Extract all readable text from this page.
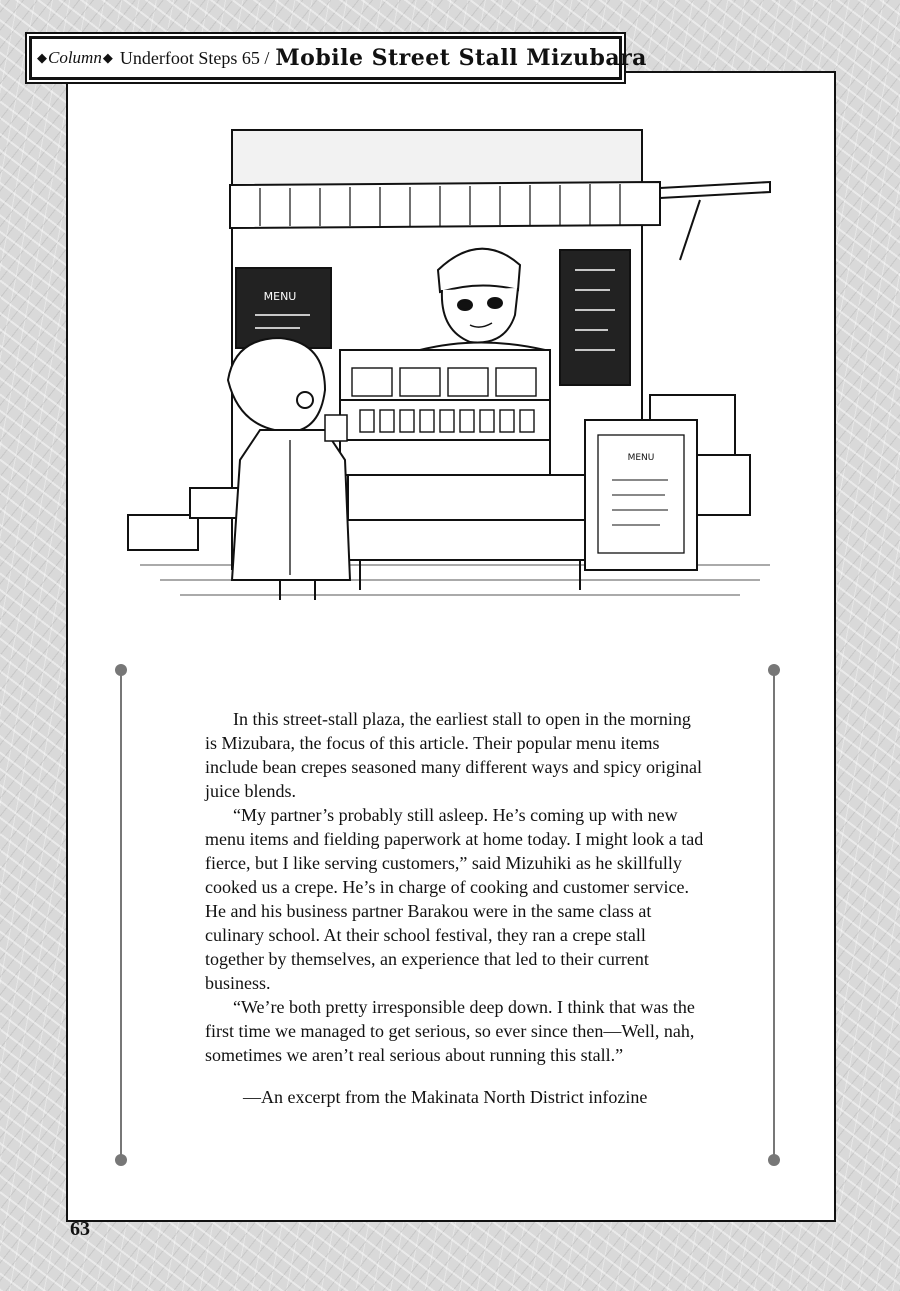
◆ Column ◆ Underfoot Steps 65 / Mobile Street Stall Mizubara
MENU
MENU

In this street-stall plaza, the earliest stall to open in the morning is Mizubara, the focus of this article. Their popular menu items include bean crepes seasoned many different ways and spicy original juice blends.

“My partner’s probably still asleep. He’s coming up with new menu items and fielding paperwork at home today. I might look a tad fierce, but I like serving customers,” said Mizuhiki as he skillfully cooked us a crepe. He’s in charge of cooking and customer service. He and his business partner Barakou were in the same class at culinary school. At their school festival, they ran a crepe stall together by themselves, an experience that led to their current business.

“We’re both pretty irresponsible deep down. I think that was the first time we managed to get serious, so ever since then—Well, nah, sometimes we aren’t real serious about running this stall.”

—An excerpt from the Makinata North District infozine

63
